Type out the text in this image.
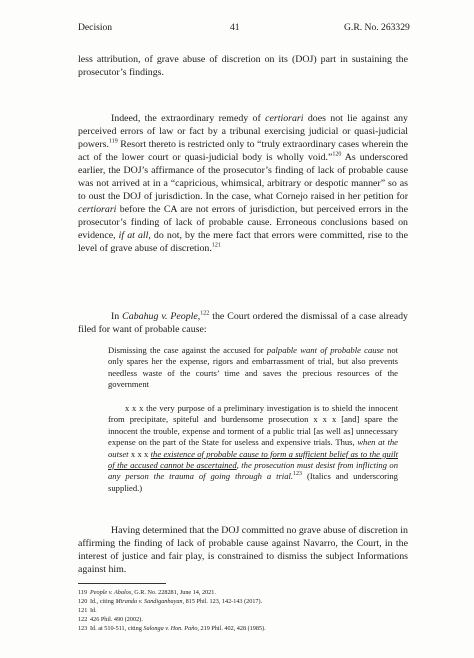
Decision	41	G.R. No. 263329

less attribution, of grave abuse of discretion on its (DOJ) part in sustaining the prosecutor’s findings.

Indeed, the extraordinary remedy of certiorari does not lie against any perceived errors of law or fact by a tribunal exercising judicial or quasi-judicial powers.$^{119}$ Resort thereto is restricted only to “truly extraordinary cases wherein the act of the lower court or quasi-judicial body is wholly void.”$^{120}$ As underscored earlier, the DOJ’s affirmance of the prosecutor’s finding of lack of probable cause was not arrived at in a “capricious, whimsical, arbitrary or despotic manner” so as to oust the DOJ of jurisdiction. In the case, what Cornejo raised in her petition for certiorari before the CA are not errors of jurisdiction, but perceived errors in the prosecutor’s finding of lack of probable cause. Erroneous conclusions based on evidence, if at all, do not, by the mere fact that errors were committed, rise to the level of grave abuse of discretion.$^{121}$

In Cabahug v. People,$^{122}$ the Court ordered the dismissal of a case already filed for want of probable cause:

Dismissing the case against the accused for palpable want of probable cause not only spares her the expense, rigors and embarrassment of trial, but also prevents needless waste of the courts’ time and saves the precious resources of the government

x x x the very purpose of a preliminary investigation is to shield the innocent from precipitate, spiteful and burdensome prosecution x x x [and] spare the innocent the trouble, expense and torment of a public trial [as well as] unnecessary expense on the part of the State for useless and expensive trials. Thus, when at the outset x x x the existence of probable cause to form a sufficient belief as to the guilt of the accused cannot be ascertained, the prosecution must desist from inflicting on any person the trauma of going through a trial.$^{123}$ (Italics and underscoring supplied.)

Having determined that the DOJ committed no grave abuse of discretion in affirming the finding of lack of probable cause against Navarro, the Court, in the interest of justice and fair play, is constrained to dismiss the subject Informations against him.

119 People v. Abalos, G.R. No. 228281, June 14, 2021.
120 Id., citing Miranda v. Sandiganbayan, 815 Phil. 123, 142-143 (2017).
121 Id.
122 426 Phil. 490 (2002).
123 Id. at 510-511, citing Salonga v. Hon. Paño, 219 Phil. 402, 428 (1985).
